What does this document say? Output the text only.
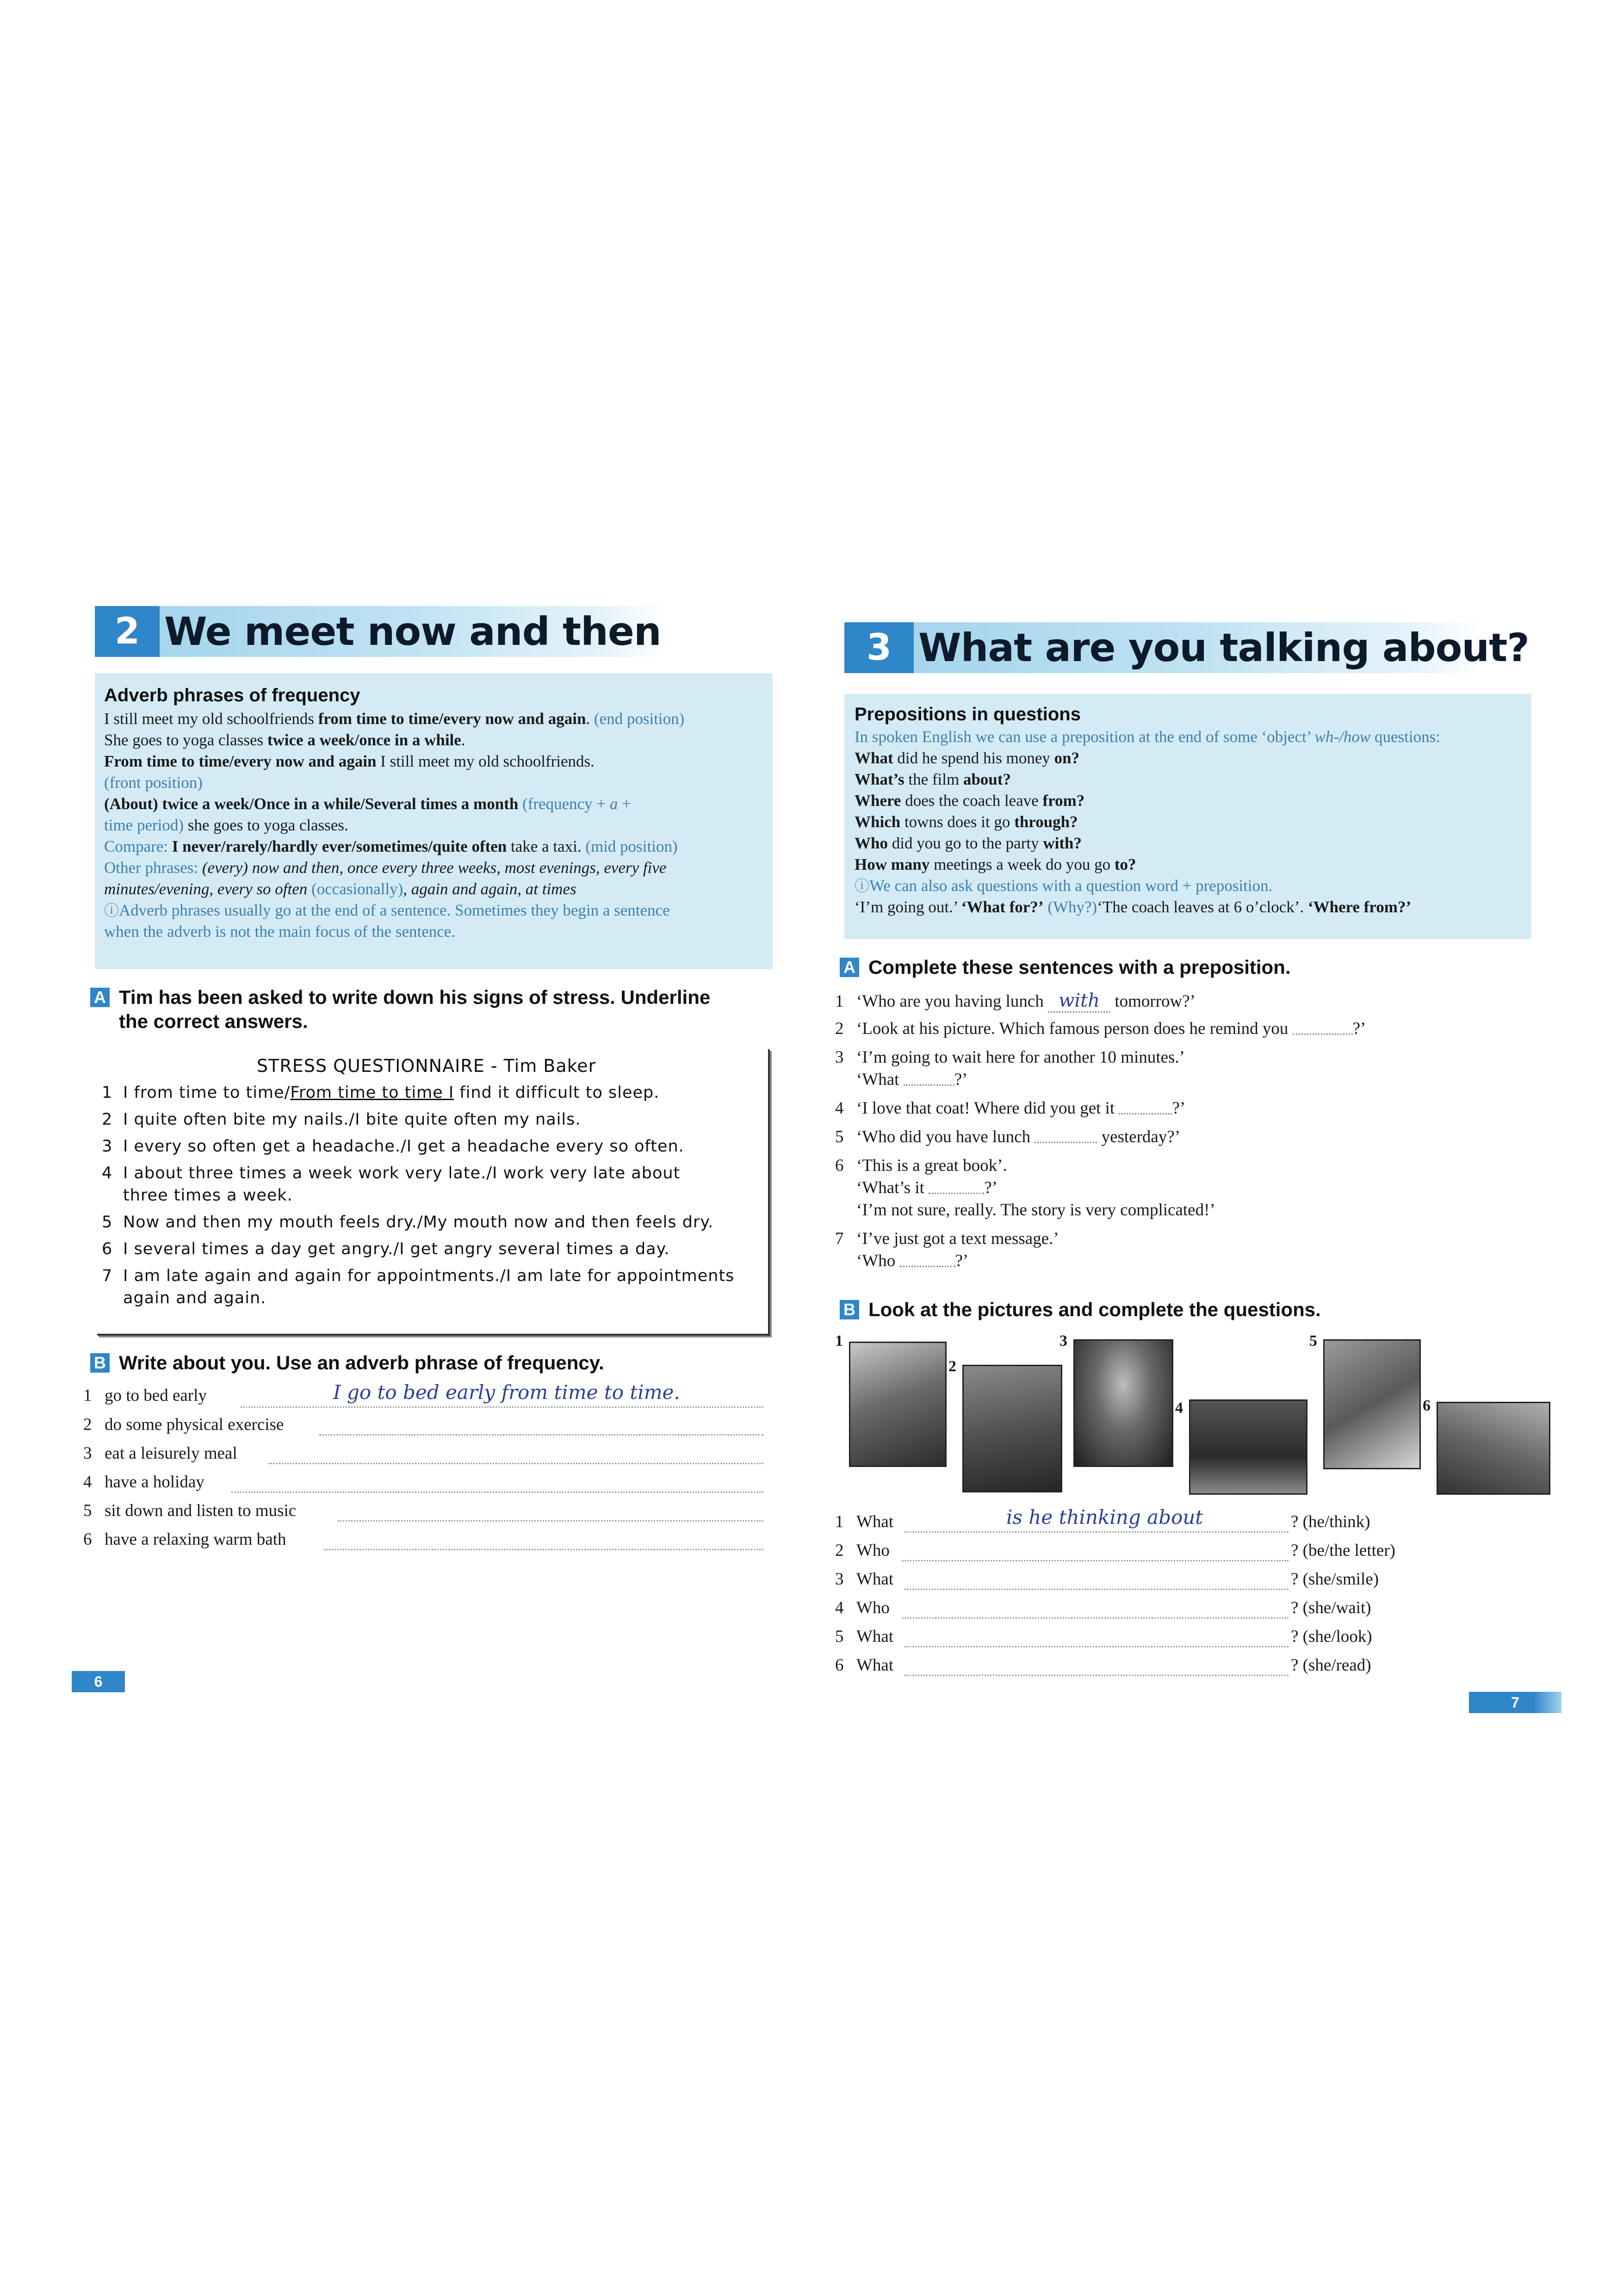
2 We meet now and then
Adverb phrases of frequency
I still meet my old schoolfriends from time to time/every now and again. (end position)
She goes to yoga classes twice a week/once in a while.
From time to time/every now and again I still meet my old schoolfriends.
(front position)
(About) twice a week/Once in a while/Several times a month (frequency + a +
time period) she goes to yoga classes.
Compare: I never/rarely/hardly ever/sometimes/quite often take a taxi. (mid position)
Other phrases: (every) now and then, once every three weeks, most evenings, every five
minutes/evening, every so often (occasionally), again and again, at times
ⓘAdverb phrases usually go at the end of a sentence. Sometimes they begin a sentence
when the adverb is not the main focus of the sentence.
A Tim has been asked to write down his signs of stress. Underline
the correct answers.
STRESS QUESTIONNAIRE - Tim Baker
1 I from time to time/From time to time I find it difficult to sleep.
2 I quite often bite my nails./I bite quite often my nails.
3 I every so often get a headache./I get a headache every so often.
4 I about three times a week work very late./I work very late about
three times a week.
5 Now and then my mouth feels dry./My mouth now and then feels dry.
6 I several times a day get angry./I get angry several times a day.
7 I am late again and again for appointments./I am late for appointments
again and again.
B Write about you. Use an adverb phrase of frequency.
1 go to bed early	I go to bed early from time to time.
2 do some physical exercise
3 eat a leisurely meal
4 have a holiday
5 sit down and listen to music
6 have a relaxing warm bath
6
3 What are you talking about?
Prepositions in questions
In spoken English we can use a preposition at the end of some ‘object’ wh-/how questions:
What did he spend his money on?
What’s the film about?
Where does the coach leave from?
Which towns does it go through?
Who did you go to the party with?
How many meetings a week do you go to?
ⓘWe can also ask questions with a question word + preposition.
‘I’m going out.’ ‘What for?’ (Why?)‘The coach leaves at 6 o’clock’. ‘Where from?’
A Complete these sentences with a preposition.
1 ‘Who are you having lunch with tomorrow?’
2 ‘Look at his picture. Which famous person does he remind you	?’
3 ‘I’m going to wait here for another 10 minutes.’
‘What	?’
4 ‘I love that coat! Where did you get it	?’
5 ‘Who did you have lunch	yesterday?’
6 ‘This is a great book’.
‘What’s it	?’
‘I’m not sure, really. The story is very complicated!’
7 ‘I’ve just got a text message.’
‘Who	?’
B Look at the pictures and complete the questions.
1
2
3
4
5
6
1 What	is he thinking about	? (he/think)
2 Who	? (be/the letter)
3 What	? (she/smile)
4 Who	? (she/wait)
5 What	? (she/look)
6 What	? (she/read)
7
